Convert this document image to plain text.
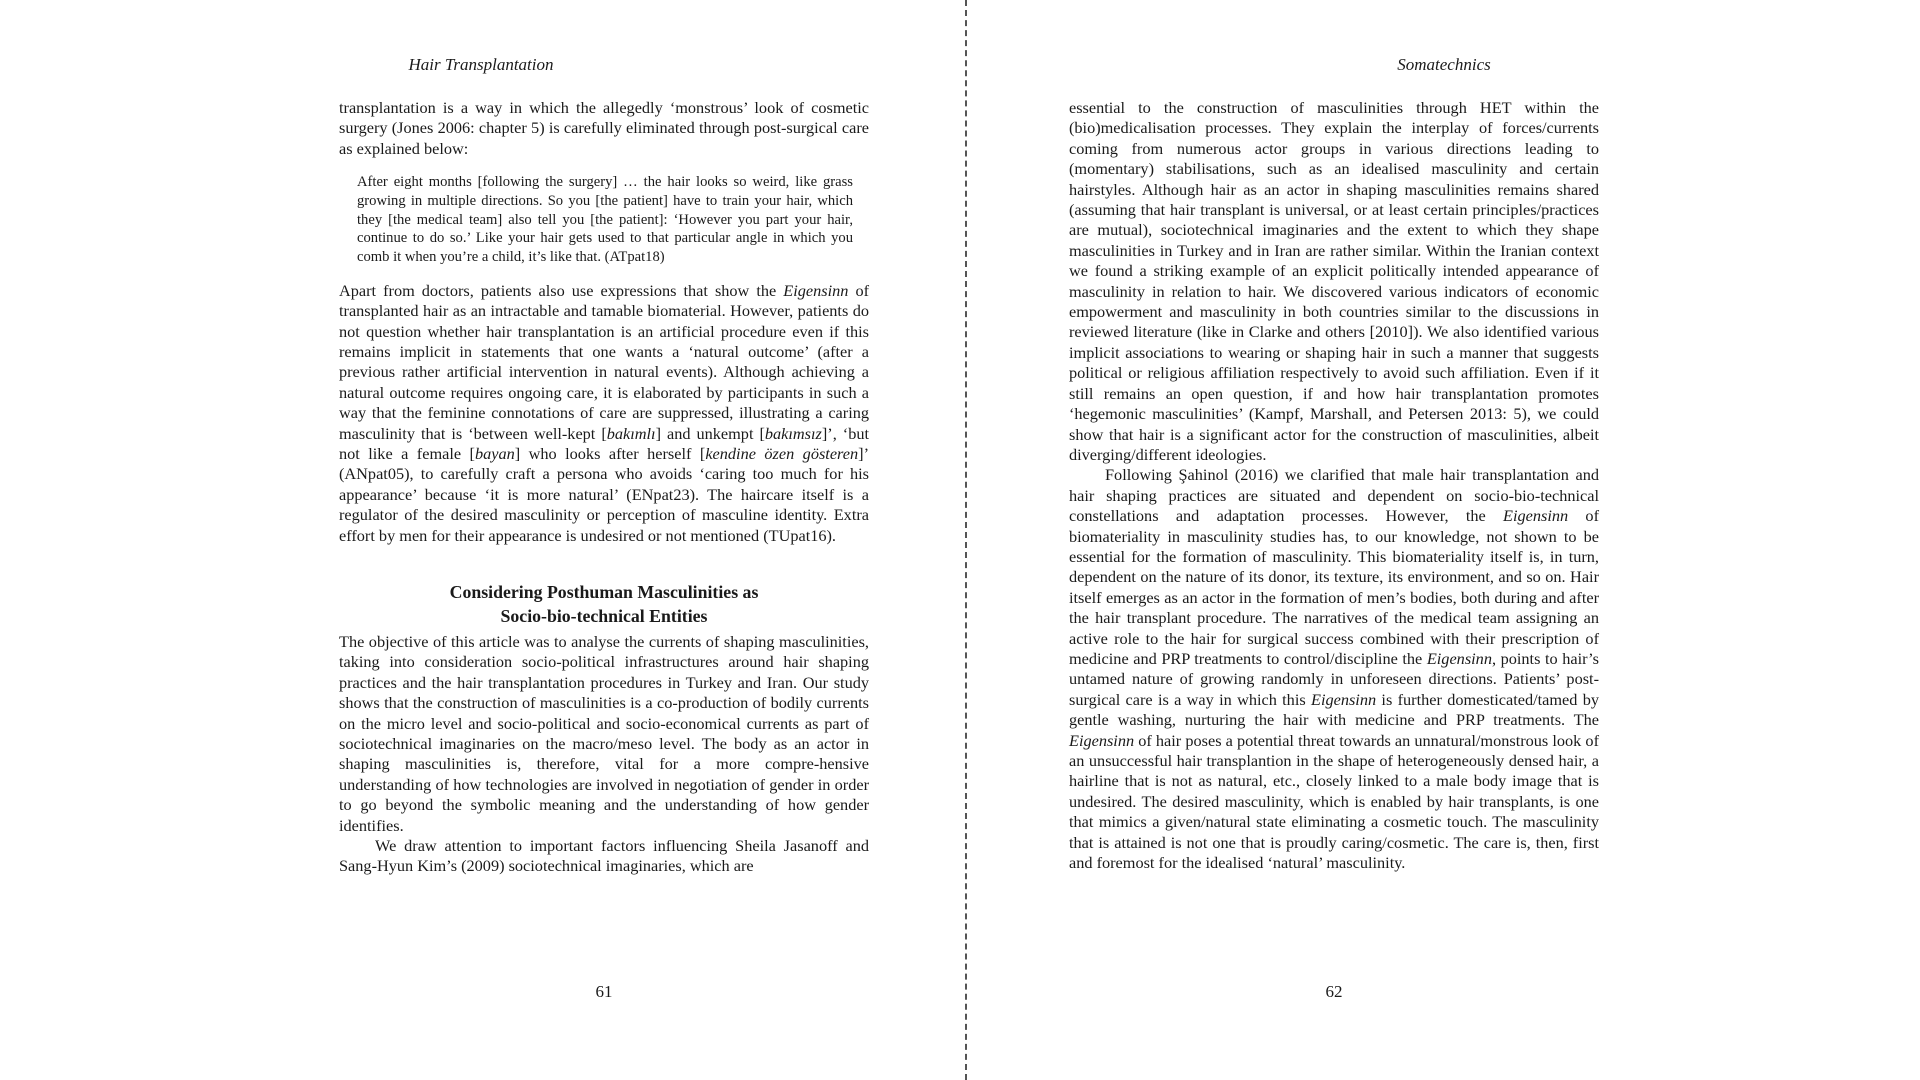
Hair Transplantation

transplantation is a way in which the allegedly ‘monstrous’ look of cosmetic surgery (Jones 2006: chapter 5) is carefully eliminated through post-surgical care as explained below:

After eight months [following the surgery] … the hair looks so weird, like grass growing in multiple directions. So you [the patient] have to train your hair, which they [the medical team] also tell you [the patient]: ‘However you part your hair, continue to do so.’ Like your hair gets used to that particular angle in which you comb it when you’re a child, it’s like that. (ATpat18)

Apart from doctors, patients also use expressions that show the Eigensinn of transplanted hair as an intractable and tamable biomaterial. However, patients do not question whether hair transplantation is an artificial procedure even if this remains implicit in statements that one wants a ‘natural outcome’ (after a previous rather artificial intervention in natural events). Although achieving a natural outcome requires ongoing care, it is elaborated by participants in such a way that the feminine connotations of care are suppressed, illustrating a caring masculinity that is ‘between well-kept [bakımlı] and unkempt [bakımsız]’, ‘but not like a female [bayan] who looks after herself [kendine özen gösteren]’ (ANpat05), to carefully craft a persona who avoids ‘caring too much for his appearance’ because ‘it is more natural’ (ENpat23). The haircare itself is a regulator of the desired masculinity or perception of masculine identity. Extra effort by men for their appearance is undesired or not mentioned (TUpat16).

Considering Posthuman Masculinities as
Socio-bio-technical Entities

The objective of this article was to analyse the currents of shaping masculinities, taking into consideration socio-political infrastructures around hair shaping practices and the hair transplantation procedures in Turkey and Iran. Our study shows that the construction of masculinities is a co-production of bodily currents on the micro level and socio-political and socio-economical currents as part of sociotechnical imaginaries on the macro/meso level. The body as an actor in shaping masculinities is, therefore, vital for a more compre-hensive understanding of how technologies are involved in negotiation of gender in order to go beyond the symbolic meaning and the understanding of how gender identifies.

We draw attention to important factors influencing Sheila Jasanoff and Sang-Hyun Kim’s (2009) sociotechnical imaginaries, which are

61
Somatechnics

essential to the construction of masculinities through HET within the (bio)medicalisation processes. They explain the interplay of forces/currents coming from numerous actor groups in various directions leading to (momentary) stabilisations, such as an idealised masculinity and certain hairstyles. Although hair as an actor in shaping masculinities remains shared (assuming that hair transplant is universal, or at least certain principles/practices are mutual), sociotechnical imaginaries and the extent to which they shape masculinities in Turkey and in Iran are rather similar. Within the Iranian context we found a striking example of an explicit politically intended appearance of masculinity in relation to hair. We discovered various indicators of economic empowerment and masculinity in both countries similar to the discussions in reviewed literature (like in Clarke and others [2010]). We also identified various implicit associations to wearing or shaping hair in such a manner that suggests political or religious affiliation respectively to avoid such affiliation. Even if it still remains an open question, if and how hair transplantation promotes ‘hegemonic masculinities’ (Kampf, Marshall, and Petersen 2013: 5), we could show that hair is a significant actor for the construction of masculinities, albeit diverging/different ideologies.

Following Şahinol (2016) we clarified that male hair transplantation and hair shaping practices are situated and dependent on socio-bio-technical constellations and adaptation processes. However, the Eigensinn of biomateriality in masculinity studies has, to our knowledge, not shown to be essential for the formation of masculinity. This biomateriality itself is, in turn, dependent on the nature of its donor, its texture, its environment, and so on. Hair itself emerges as an actor in the formation of men’s bodies, both during and after the hair transplant procedure. The narratives of the medical team assigning an active role to the hair for surgical success combined with their prescription of medicine and PRP treatments to control/discipline the Eigensinn, points to hair’s untamed nature of growing randomly in unforeseen directions. Patients’ post-surgical care is a way in which this Eigensinn is further domesticated/tamed by gentle washing, nurturing the hair with medicine and PRP treatments. The Eigensinn of hair poses a potential threat towards an unnatural/monstrous look of an unsuccessful hair transplantion in the shape of heterogeneously densed hair, a hairline that is not as natural, etc., closely linked to a male body image that is undesired. The desired masculinity, which is enabled by hair transplants, is one that mimics a given/natural state eliminating a cosmetic touch. The masculinity that is attained is not one that is proudly caring/cosmetic. The care is, then, first and foremost for the idealised ‘natural’ masculinity.

62
